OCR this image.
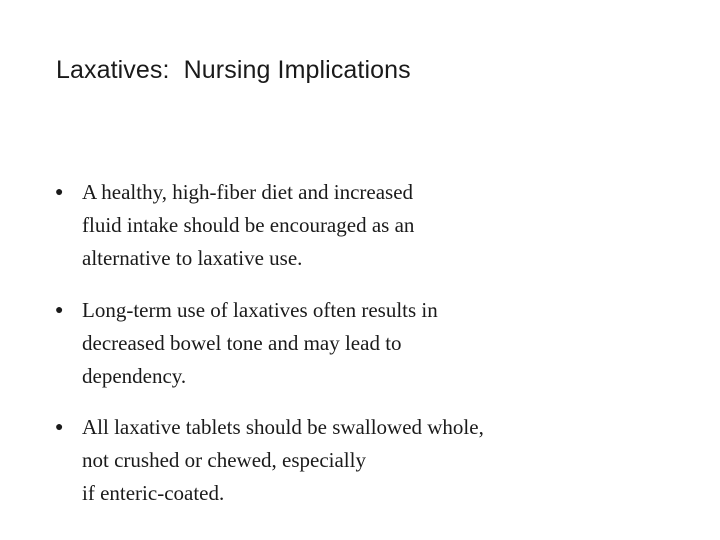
Laxatives:  Nursing Implications
● A healthy, high-fiber diet and increased
fluid intake should be encouraged as an
alternative to laxative use.
● Long-term use of laxatives often results in
decreased bowel tone and may lead to
dependency.
● All laxative tablets should be swallowed whole,
not crushed or chewed, especially
if enteric-coated.
